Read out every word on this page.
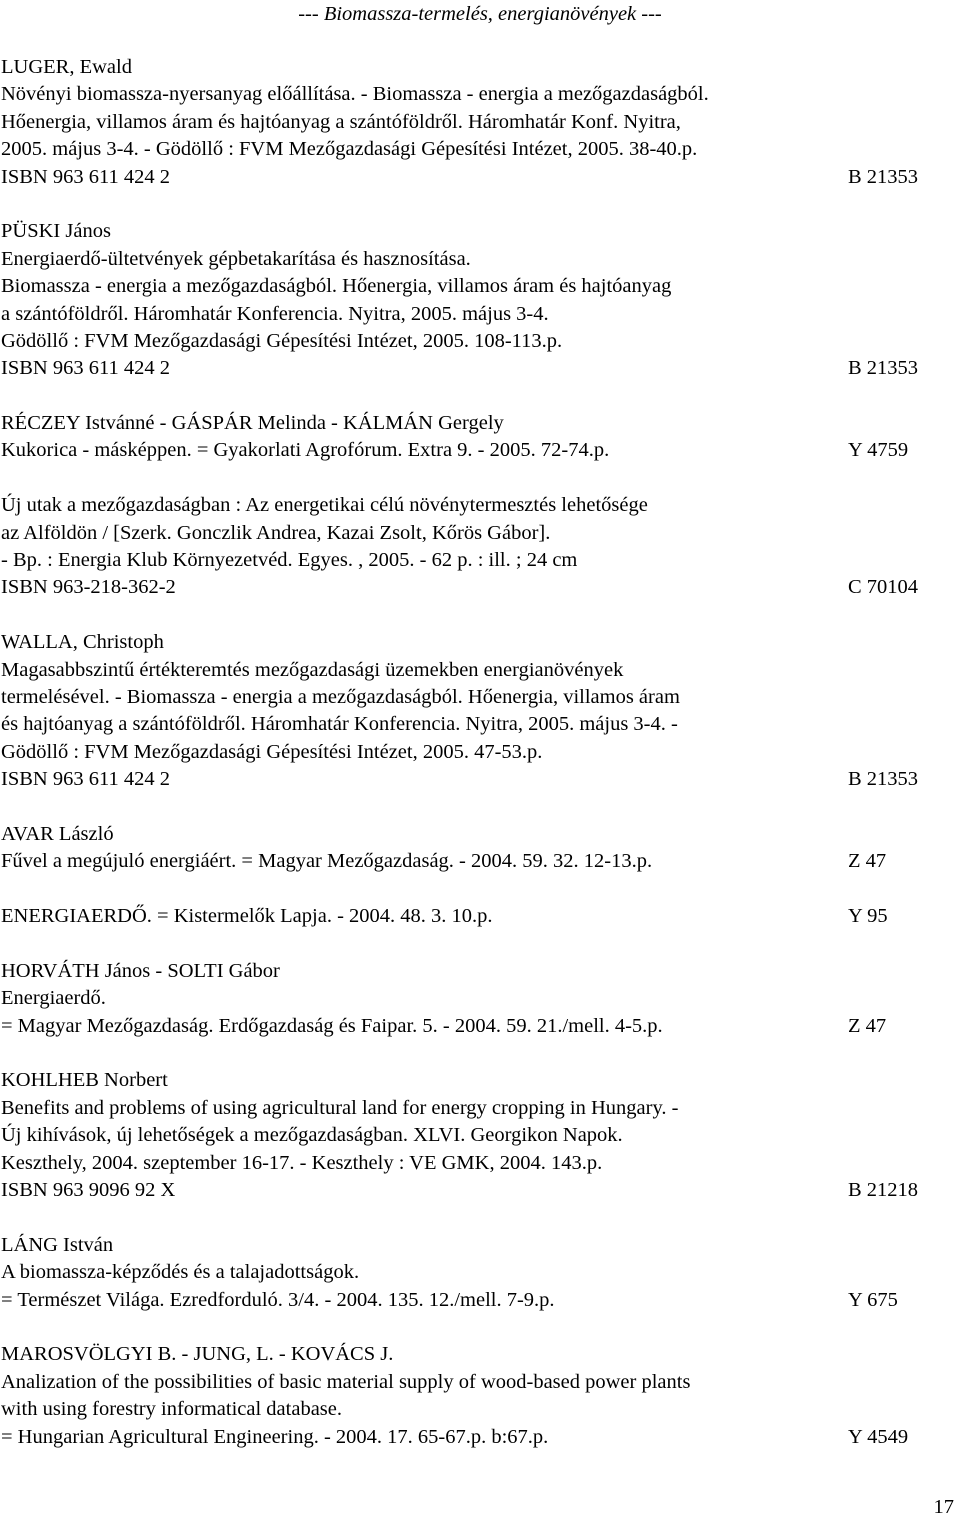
--- Biomassza-termelés, energianövények ---
LUGER, Ewald
Növényi biomassza-nyersanyag előállítása. - Biomassza - energia a mezőgazdaságból.
Hőenergia, villamos áram és hajtóanyag a szántóföldről. Háromhatár Konf. Nyitra,
2005. május 3-4. - Gödöllő : FVM Mezőgazdasági Gépesítési Intézet, 2005. 38-40.p.
ISBN 963 611 424 2	B 21353
PÜSKI János
Energiaerdő-ültetvények gépbetakarítása és hasznosítása.
Biomassza - energia a mezőgazdaságból. Hőenergia, villamos áram és hajtóanyag
a szántóföldről. Háromhatár Konferencia. Nyitra, 2005. május 3-4.
Gödöllő : FVM Mezőgazdasági Gépesítési Intézet, 2005. 108-113.p.
ISBN 963 611 424 2	B 21353
RÉCZEY Istvánné - GÁSPÁR Melinda - KÁLMÁN Gergely
Kukorica - másképpen. = Gyakorlati Agrofórum. Extra 9. - 2005. 72-74.p.	Y 4759
Új utak a mezőgazdaságban : Az energetikai célú növénytermesztés lehetősége
az Alföldön / [Szerk. Gonczlik Andrea, Kazai Zsolt, Kőrös Gábor].
- Bp. : Energia Klub Környezetvéd. Egyes. , 2005. - 62 p. : ill. ; 24 cm
ISBN 963-218-362-2	C 70104
WALLA, Christoph
Magasabbszintű értékteremtés mezőgazdasági üzemekben energianövények
termelésével. - Biomassza - energia a mezőgazdaságból. Hőenergia, villamos áram
és hajtóanyag a szántóföldről. Háromhatár Konferencia. Nyitra, 2005. május 3-4. -
Gödöllő : FVM Mezőgazdasági Gépesítési Intézet, 2005. 47-53.p.
ISBN 963 611 424 2	B 21353
AVAR László
Fűvel a megújuló energiáért. = Magyar Mezőgazdaság. - 2004. 59. 32. 12-13.p.	Z 47
ENERGIAERDŐ. = Kistermelők Lapja. - 2004. 48. 3. 10.p.	Y 95
HORVÁTH János - SOLTI Gábor
Energiaerdő.
= Magyar Mezőgazdaság. Erdőgazdaság és Faipar. 5. - 2004. 59. 21./mell. 4-5.p.	Z 47
KOHLHEB Norbert
Benefits and problems of using agricultural land for energy cropping in Hungary. -
Új kihívások, új lehetőségek a mezőgazdaságban. XLVI. Georgikon Napok.
Keszthely, 2004. szeptember 16-17. - Keszthely : VE GMK, 2004. 143.p.
ISBN 963 9096 92 X	B 21218
LÁNG István
A biomassza-képződés és a talajadottságok.
= Természet Világa. Ezredforduló. 3/4. - 2004. 135. 12./mell. 7-9.p.	Y 675
MAROSVÖLGYI B. - JUNG, L. - KOVÁCS J.
Analization of the possibilities of basic material supply of wood-based power plants
with using forestry informatical database.
= Hungarian Agricultural Engineering. - 2004. 17. 65-67.p. b:67.p.	Y 4549
17
